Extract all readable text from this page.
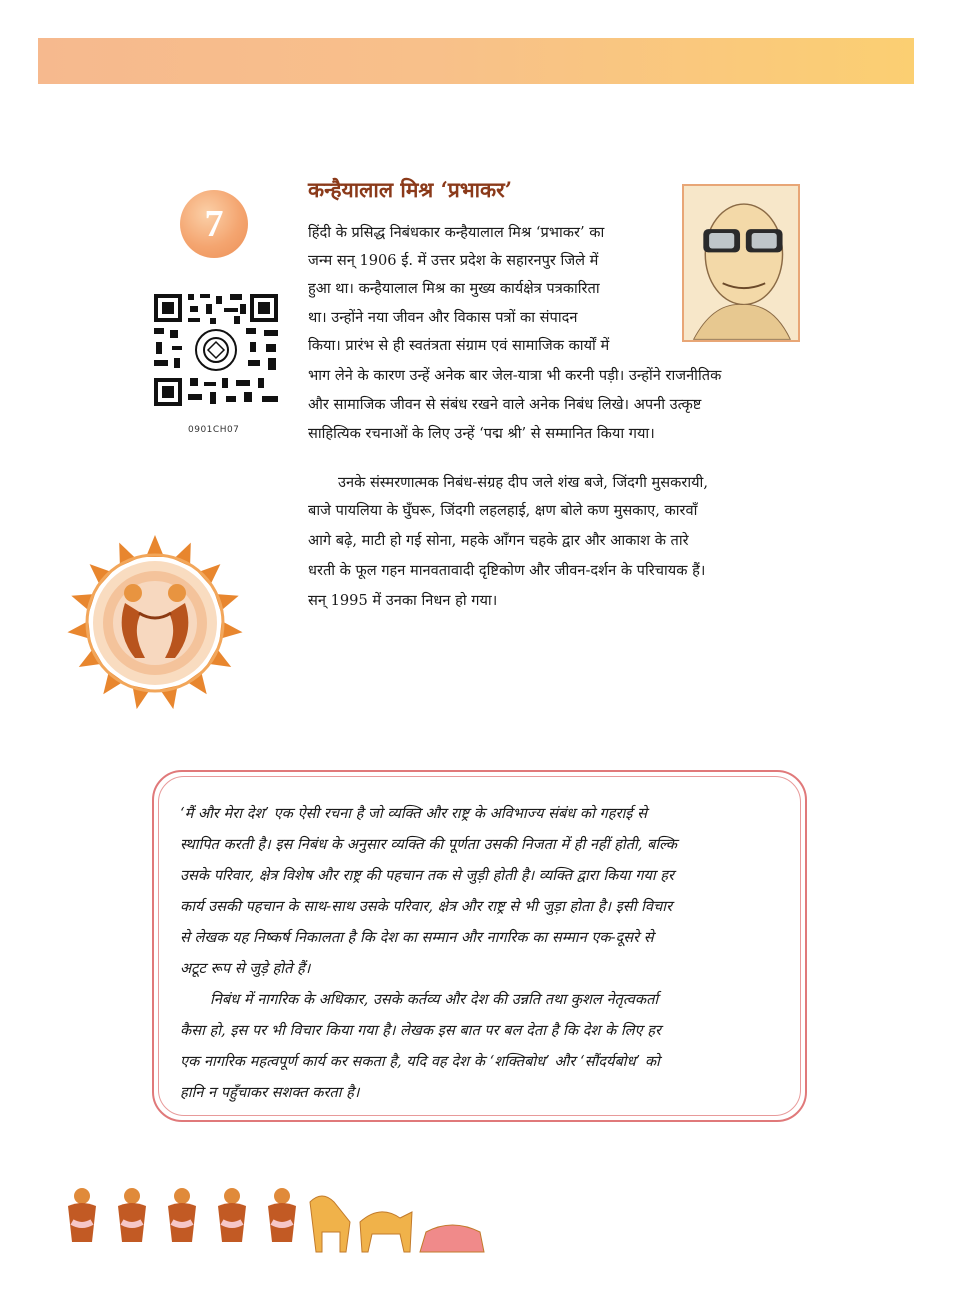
7
0901CH07
कन्हैयालाल मिश्र ‘प्रभाकर’
हिंदी के प्रसिद्ध निबंधकार कन्हैयालाल मिश्र ‘प्रभाकर’ का
जन्म सन् 1906 ई. में उत्तर प्रदेश के सहारनपुर जिले में
हुआ था। कन्हैयालाल मिश्र का मुख्य कार्यक्षेत्र पत्रकारिता
था। उन्होंने नया जीवन और विकास पत्रों का संपादन
किया। प्रारंभ से ही स्वतंत्रता संग्राम एवं सामाजिक कार्यों में
भाग लेने के कारण उन्हें अनेक बार जेल-यात्रा भी करनी पड़ी। उन्होंने राजनीतिक
और सामाजिक जीवन से संबंध रखने वाले अनेक निबंध लिखे। अपनी उत्कृष्ट
साहित्यिक रचनाओं के लिए उन्हें ‘पद्म श्री’ से सम्मानित किया गया।
उनके संस्मरणात्मक निबंध-संग्रह दीप जले शंख बजे, जिंदगी मुसकरायी,
बाजे पायलिया के घुँघरू, जिंदगी लहलहाई, क्षण बोले कण मुसकाए, कारवाँ
आगे बढ़े, माटी हो गई सोना, महके आँगन चहके द्वार और आकाश के तारे
धरती के फूल गहन मानवतावादी दृष्टिकोण और जीवन-दर्शन के परिचायक हैं।
सन् 1995 में उनका निधन हो गया।
‘मैं और मेरा देश’ एक ऐसी रचना है जो व्यक्ति और राष्ट्र के अविभाज्य संबंध को गहराई से
स्थापित करती है। इस निबंध के अनुसार व्यक्ति की पूर्णता उसकी निजता में ही नहीं होती, बल्कि
उसके परिवार, क्षेत्र विशेष और राष्ट्र की पहचान तक से जुड़ी होती है। व्यक्ति द्वारा किया गया हर
कार्य उसकी पहचान के साथ-साथ उसके परिवार, क्षेत्र और राष्ट्र से भी जुड़ा होता है। इसी विचार
से लेखक यह निष्कर्ष निकालता है कि देश का सम्मान और नागरिक का सम्मान एक-दूसरे से
अटूट रूप से जुड़े होते हैं।
निबंध में नागरिक के अधिकार, उसके कर्तव्य और देश की उन्नति तथा कुशल नेतृत्वकर्ता
कैसा हो, इस पर भी विचार किया गया है। लेखक इस बात पर बल देता है कि देश के लिए हर
एक नागरिक महत्वपूर्ण कार्य कर सकता है, यदि वह देश के ‘शक्तिबोध’ और ‘सौंदर्यबोध’ को
हानि न पहुँचाकर सशक्त करता है।
